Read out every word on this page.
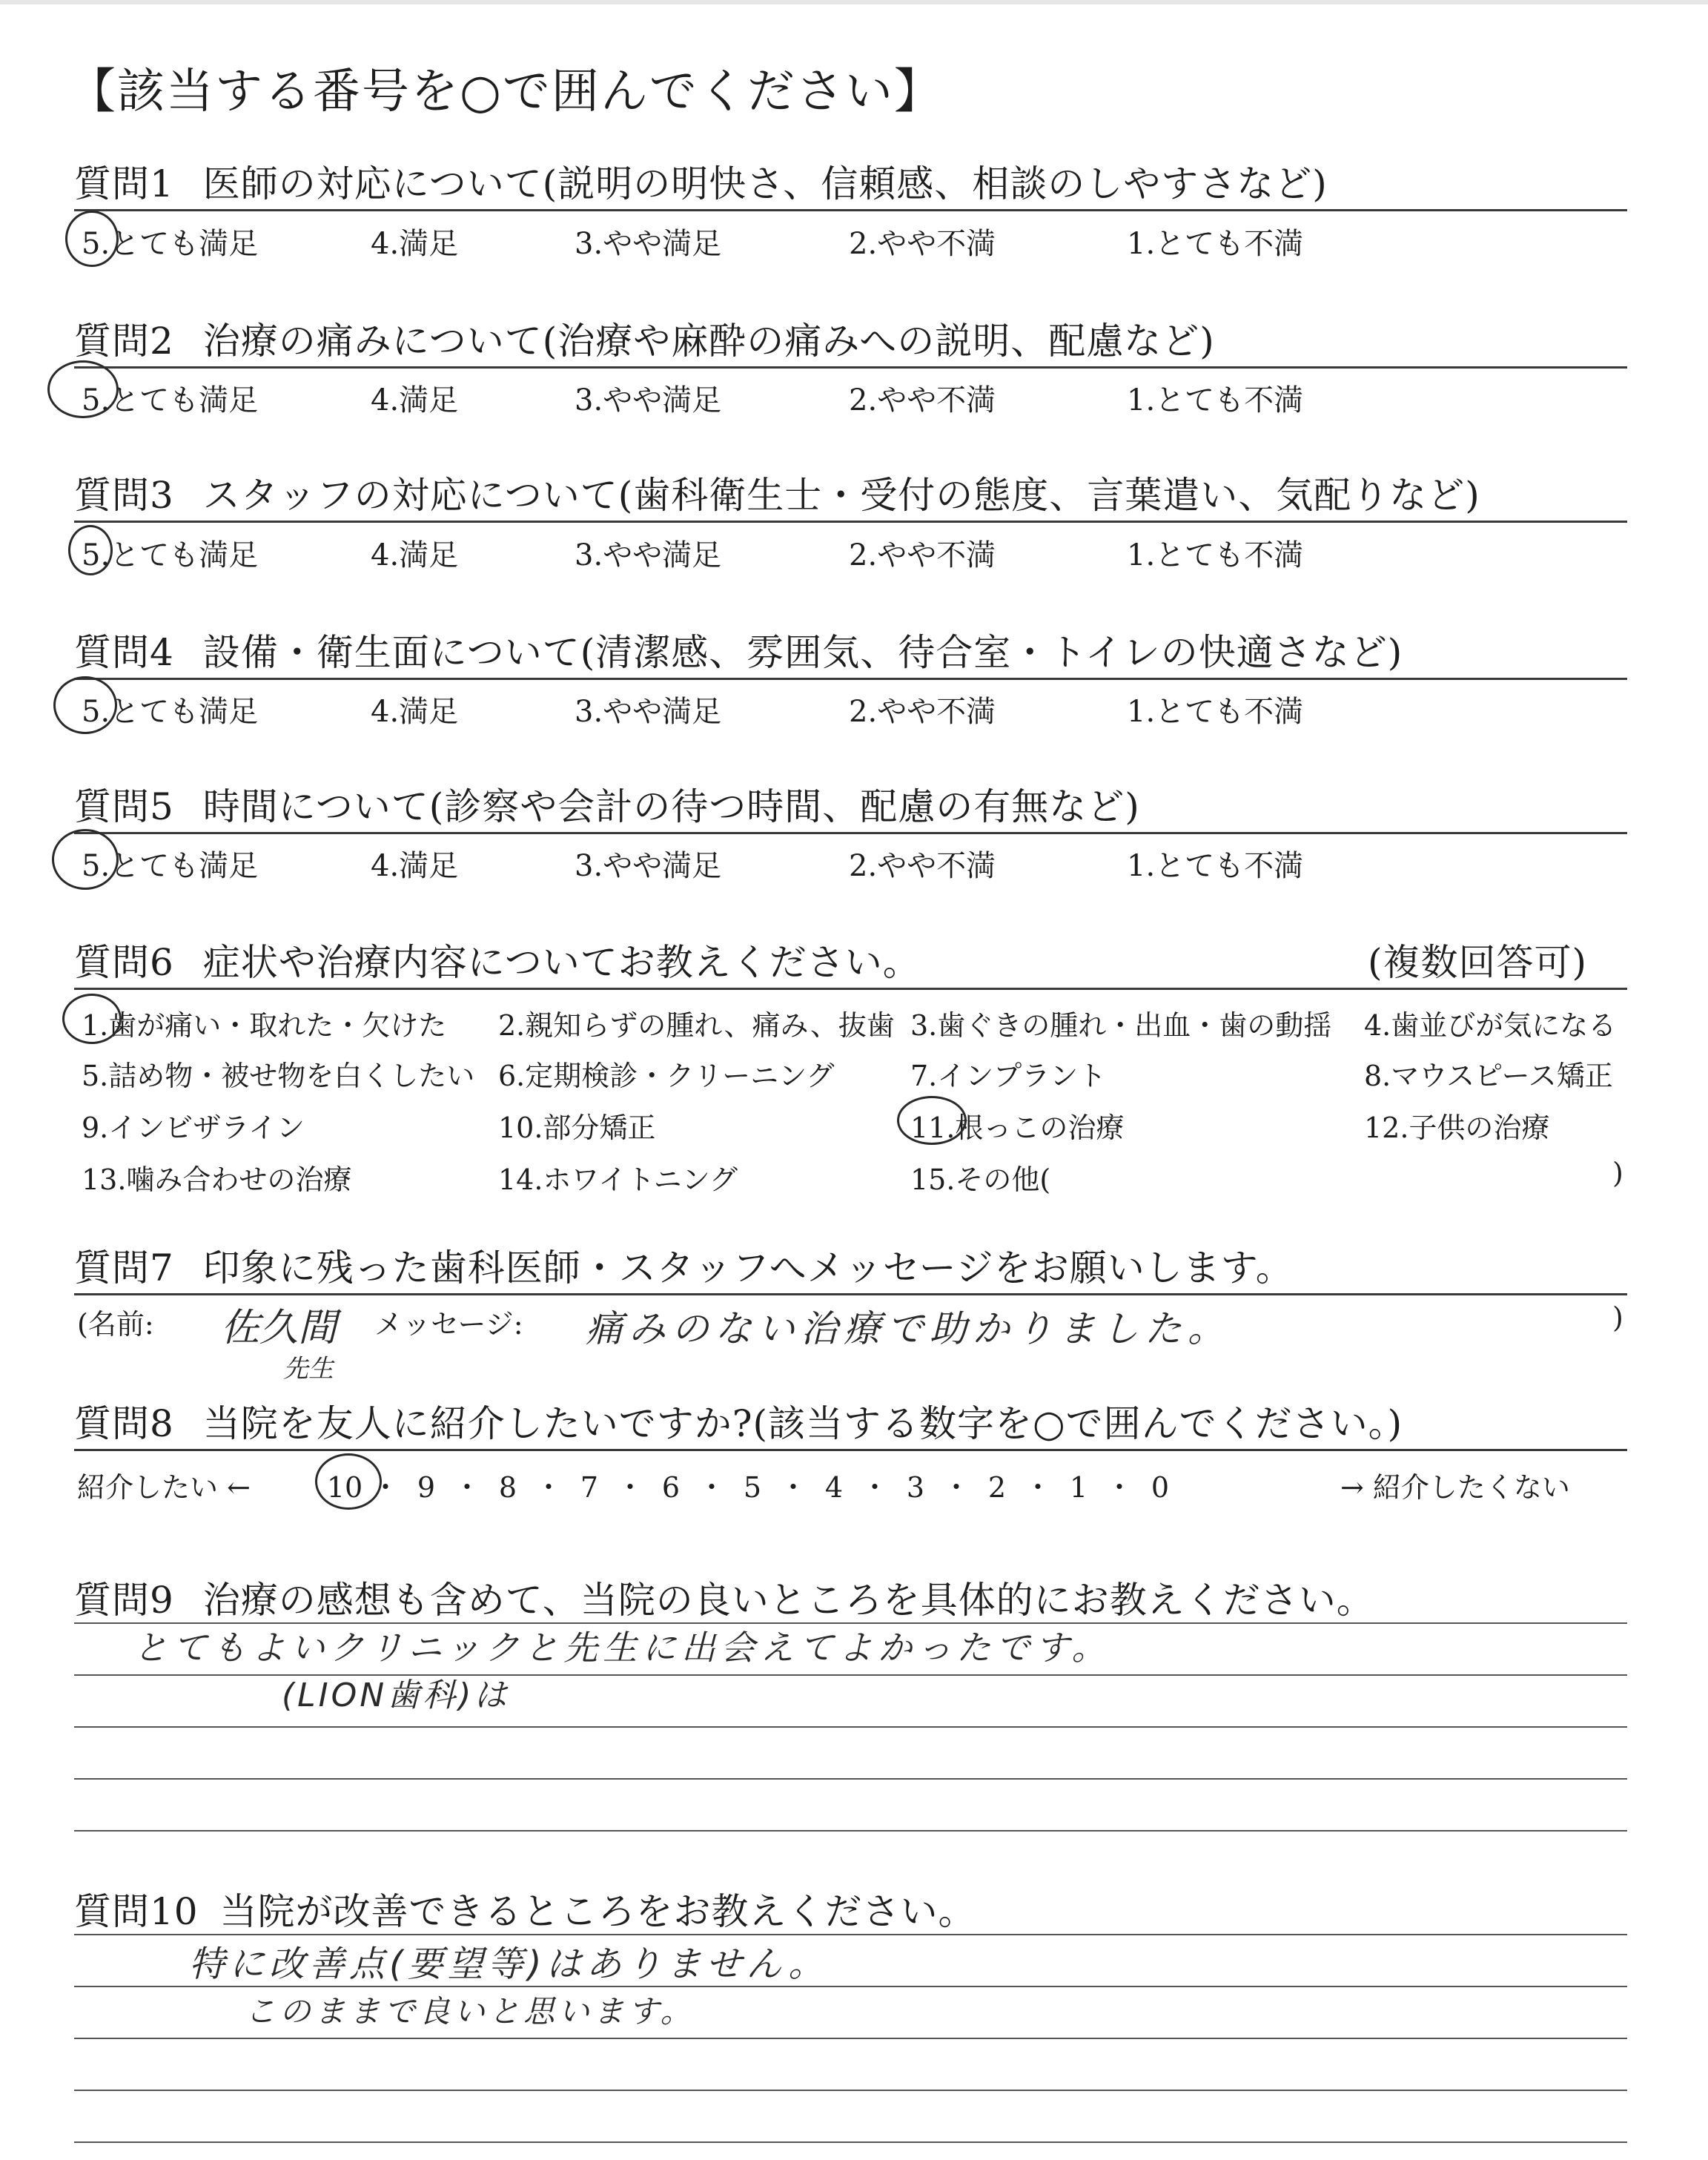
【該当する番号を○で囲んでください】
質問1 医師の対応について(説明の明快さ、信頼感、相談のしやすさなど)
5.とても満足	4.満足	3.やや満足	2.やや不満	1.とても不満
質問2 治療の痛みについて(治療や麻酔の痛みへの説明、配慮など)
5.とても満足	4.満足	3.やや満足	2.やや不満	1.とても不満
質問3 スタッフの対応について(歯科衛生士・受付の態度、言葉遣い、気配りなど)
5.とても満足	4.満足	3.やや満足	2.やや不満	1.とても不満
質問4 設備・衛生面について(清潔感、雰囲気、待合室・トイレの快適さなど)
5.とても満足	4.満足	3.やや満足	2.やや不満	1.とても不満
質問5 時間について(診察や会計の待つ時間、配慮の有無など)
5.とても満足	4.満足	3.やや満足	2.やや不満	1.とても不満
質問6 症状や治療内容についてお教えください。	(複数回答可)
1.歯が痛い・取れた・欠けた 2.親知らずの腫れ、痛み、抜歯 3.歯ぐきの腫れ・出血・歯の動揺 4.歯並びが気になる
5.詰め物・被せ物を白くしたい 6.定期検診・クリーニング	7.インプラント	8.マウスピース矯正
9.インビザライン	10.部分矯正	11.根っこの治療	12.子供の治療
13.噛み合わせの治療	14.ホワイトニング	15.その他(	)
質問7 印象に残った歯科医師・スタッフへメッセージをお願いします。
(名前: 佐久間
先生
メッセージ: 痛みのない治療で助かりました。	)
質問8 当院を友人に紹介したいですか?(該当する数字を○で囲んでください。)
紹介したい ←	10 ・ 9 ・ 8 ・ 7 ・ 6 ・ 5 ・ 4 ・ 3 ・ 2 ・ 1 ・ 0	→ 紹介したくない
質問9 治療の感想も含めて、当院の良いところを具体的にお教えください。
とてもよいクリニックと先生に出会えてよかったです。
(LION歯科)は
質問10 当院が改善できるところをお教えください。
特に改善点(要望等)はありません。
このままで良いと思います。
